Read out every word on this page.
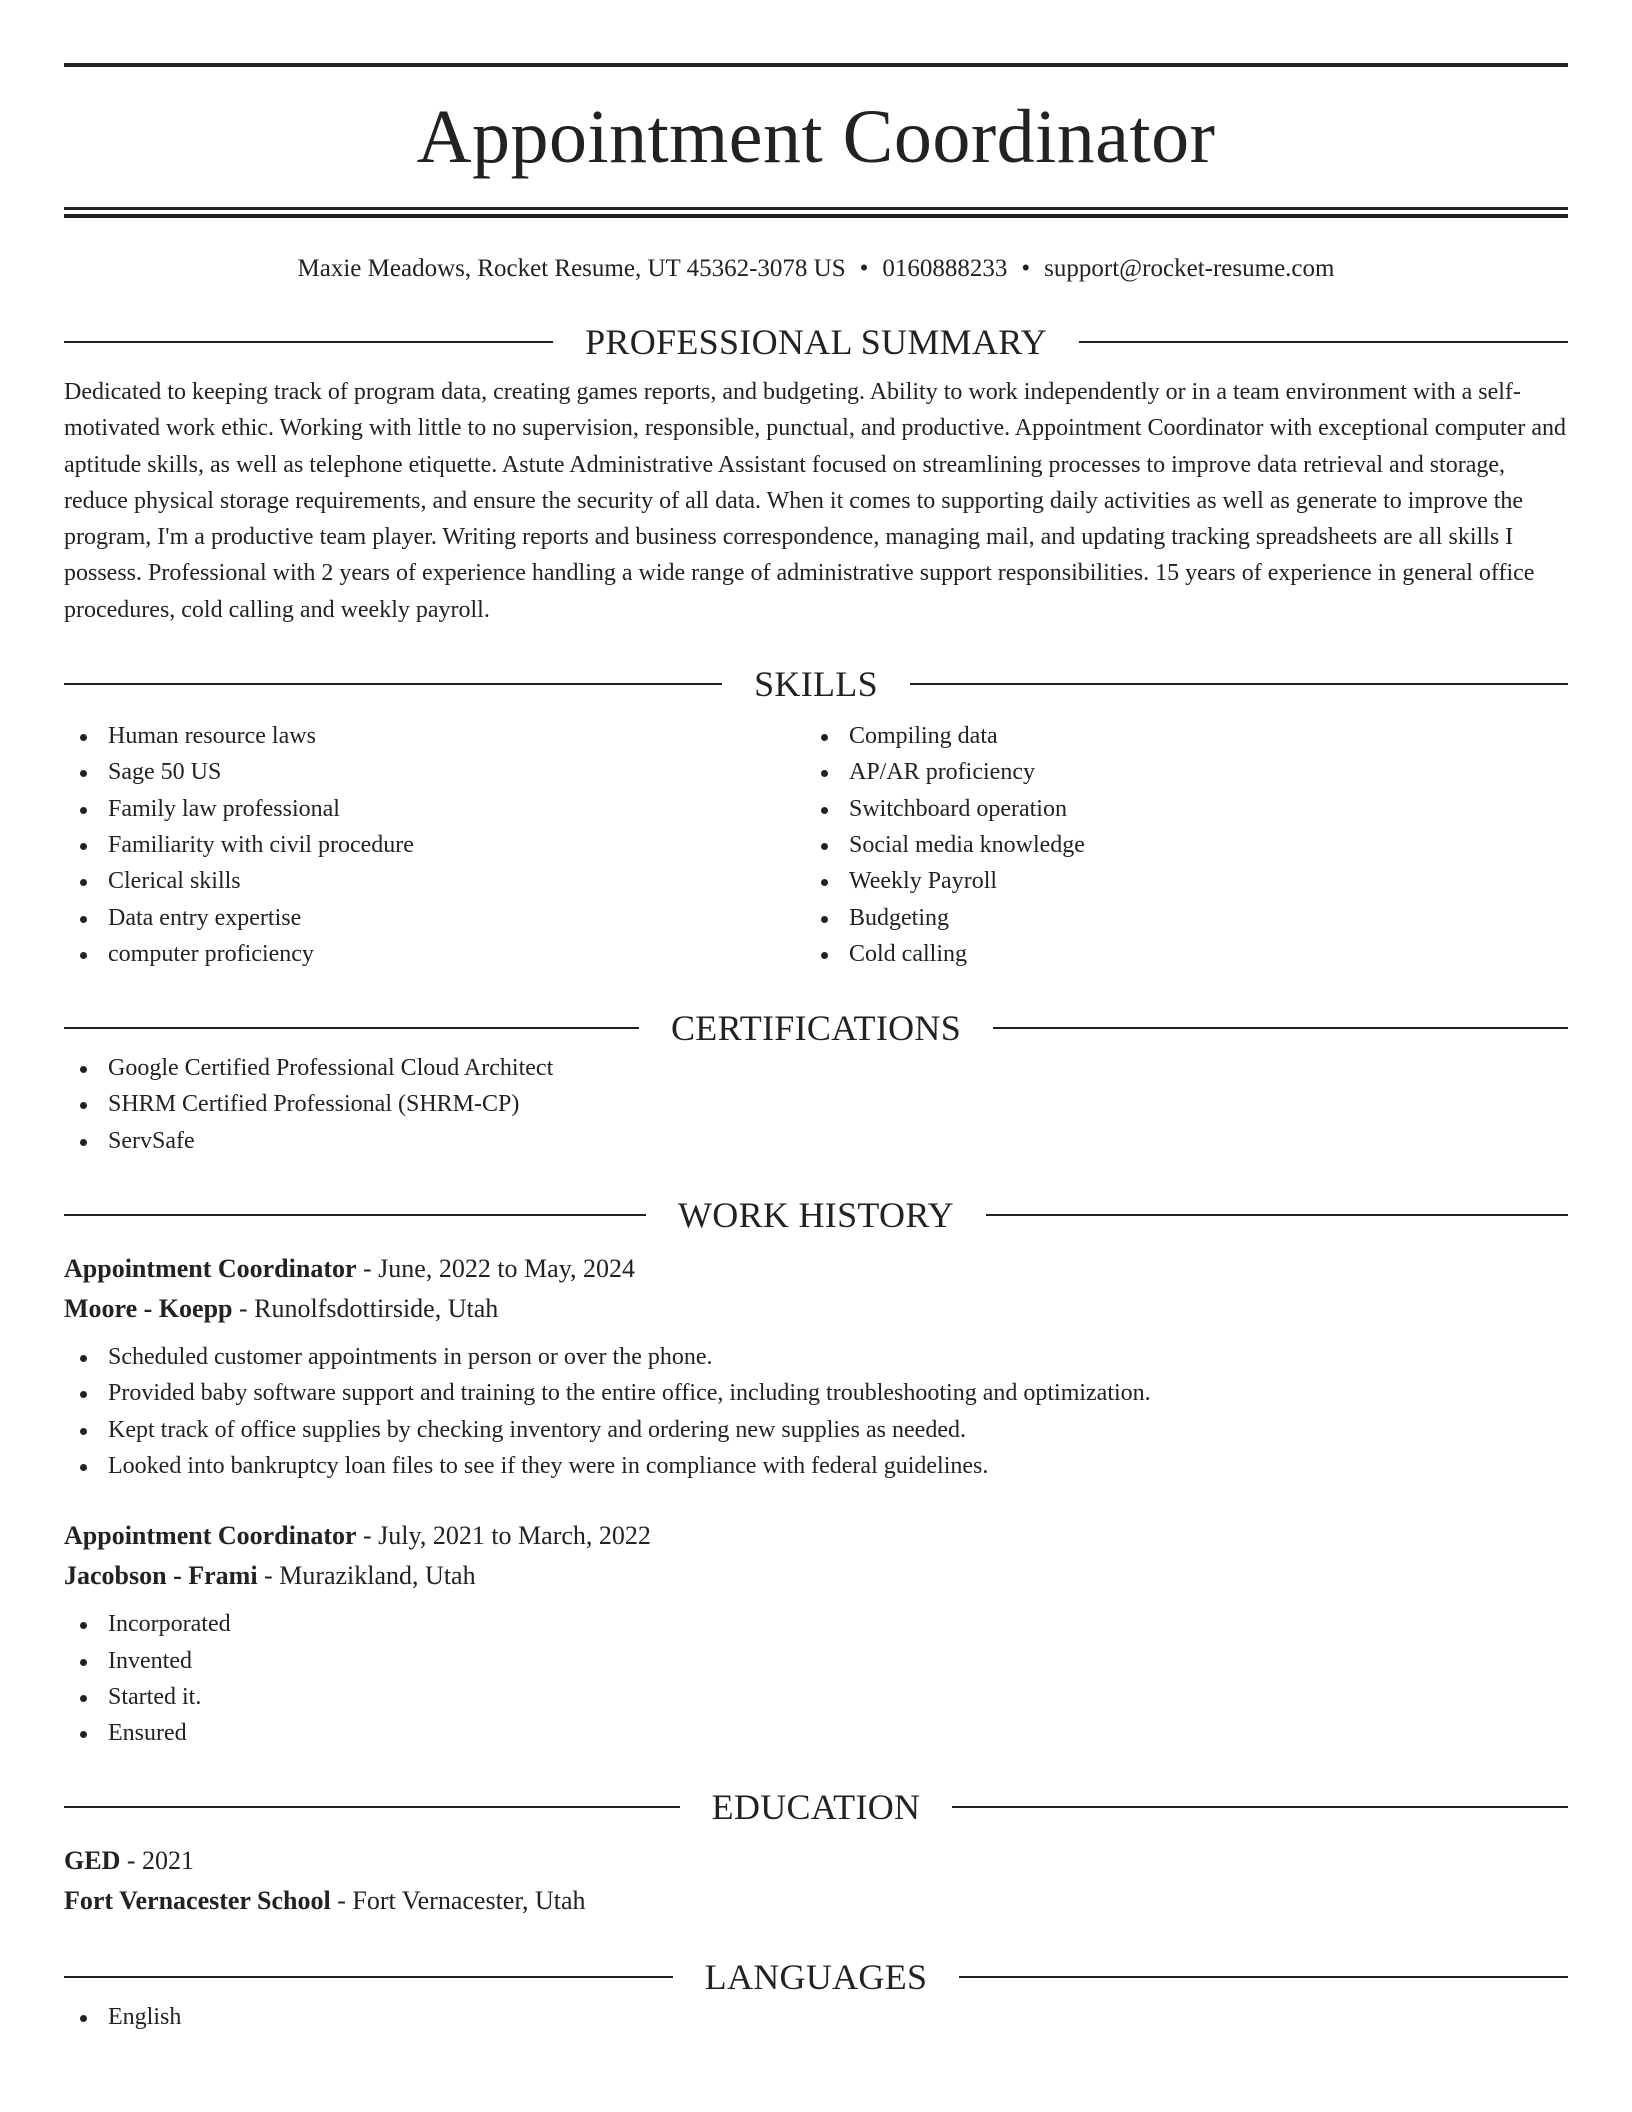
Appointment Coordinator
Maxie Meadows, Rocket Resume, UT 45362-3078 US • 0160888233 • support@rocket-resume.com
PROFESSIONAL SUMMARY
Dedicated to keeping track of program data, creating games reports, and budgeting. Ability to work independently or in a team environment with a self-motivated work ethic. Working with little to no supervision, responsible, punctual, and productive. Appointment Coordinator with exceptional computer and aptitude skills, as well as telephone etiquette. Astute Administrative Assistant focused on streamlining processes to improve data retrieval and storage, reduce physical storage requirements, and ensure the security of all data. When it comes to supporting daily activities as well as generate to improve the program, I'm a productive team player. Writing reports and business correspondence, managing mail, and updating tracking spreadsheets are all skills I possess. Professional with 2 years of experience handling a wide range of administrative support responsibilities. 15 years of experience in general office procedures, cold calling and weekly payroll.
SKILLS
Human resource laws
Sage 50 US
Family law professional
Familiarity with civil procedure
Clerical skills
Data entry expertise
computer proficiency
Compiling data
AP/AR proficiency
Switchboard operation
Social media knowledge
Weekly Payroll
Budgeting
Cold calling
CERTIFICATIONS
Google Certified Professional Cloud Architect
SHRM Certified Professional (SHRM-CP)
ServSafe
WORK HISTORY
Appointment Coordinator - June, 2022 to May, 2024
Moore - Koepp - Runolfsdottirside, Utah
Scheduled customer appointments in person or over the phone.
Provided baby software support and training to the entire office, including troubleshooting and optimization.
Kept track of office supplies by checking inventory and ordering new supplies as needed.
Looked into bankruptcy loan files to see if they were in compliance with federal guidelines.
Appointment Coordinator - July, 2021 to March, 2022
Jacobson - Frami - Murazikland, Utah
Incorporated
Invented
Started it.
Ensured
EDUCATION
GED - 2021
Fort Vernacester School - Fort Vernacester, Utah
LANGUAGES
English
